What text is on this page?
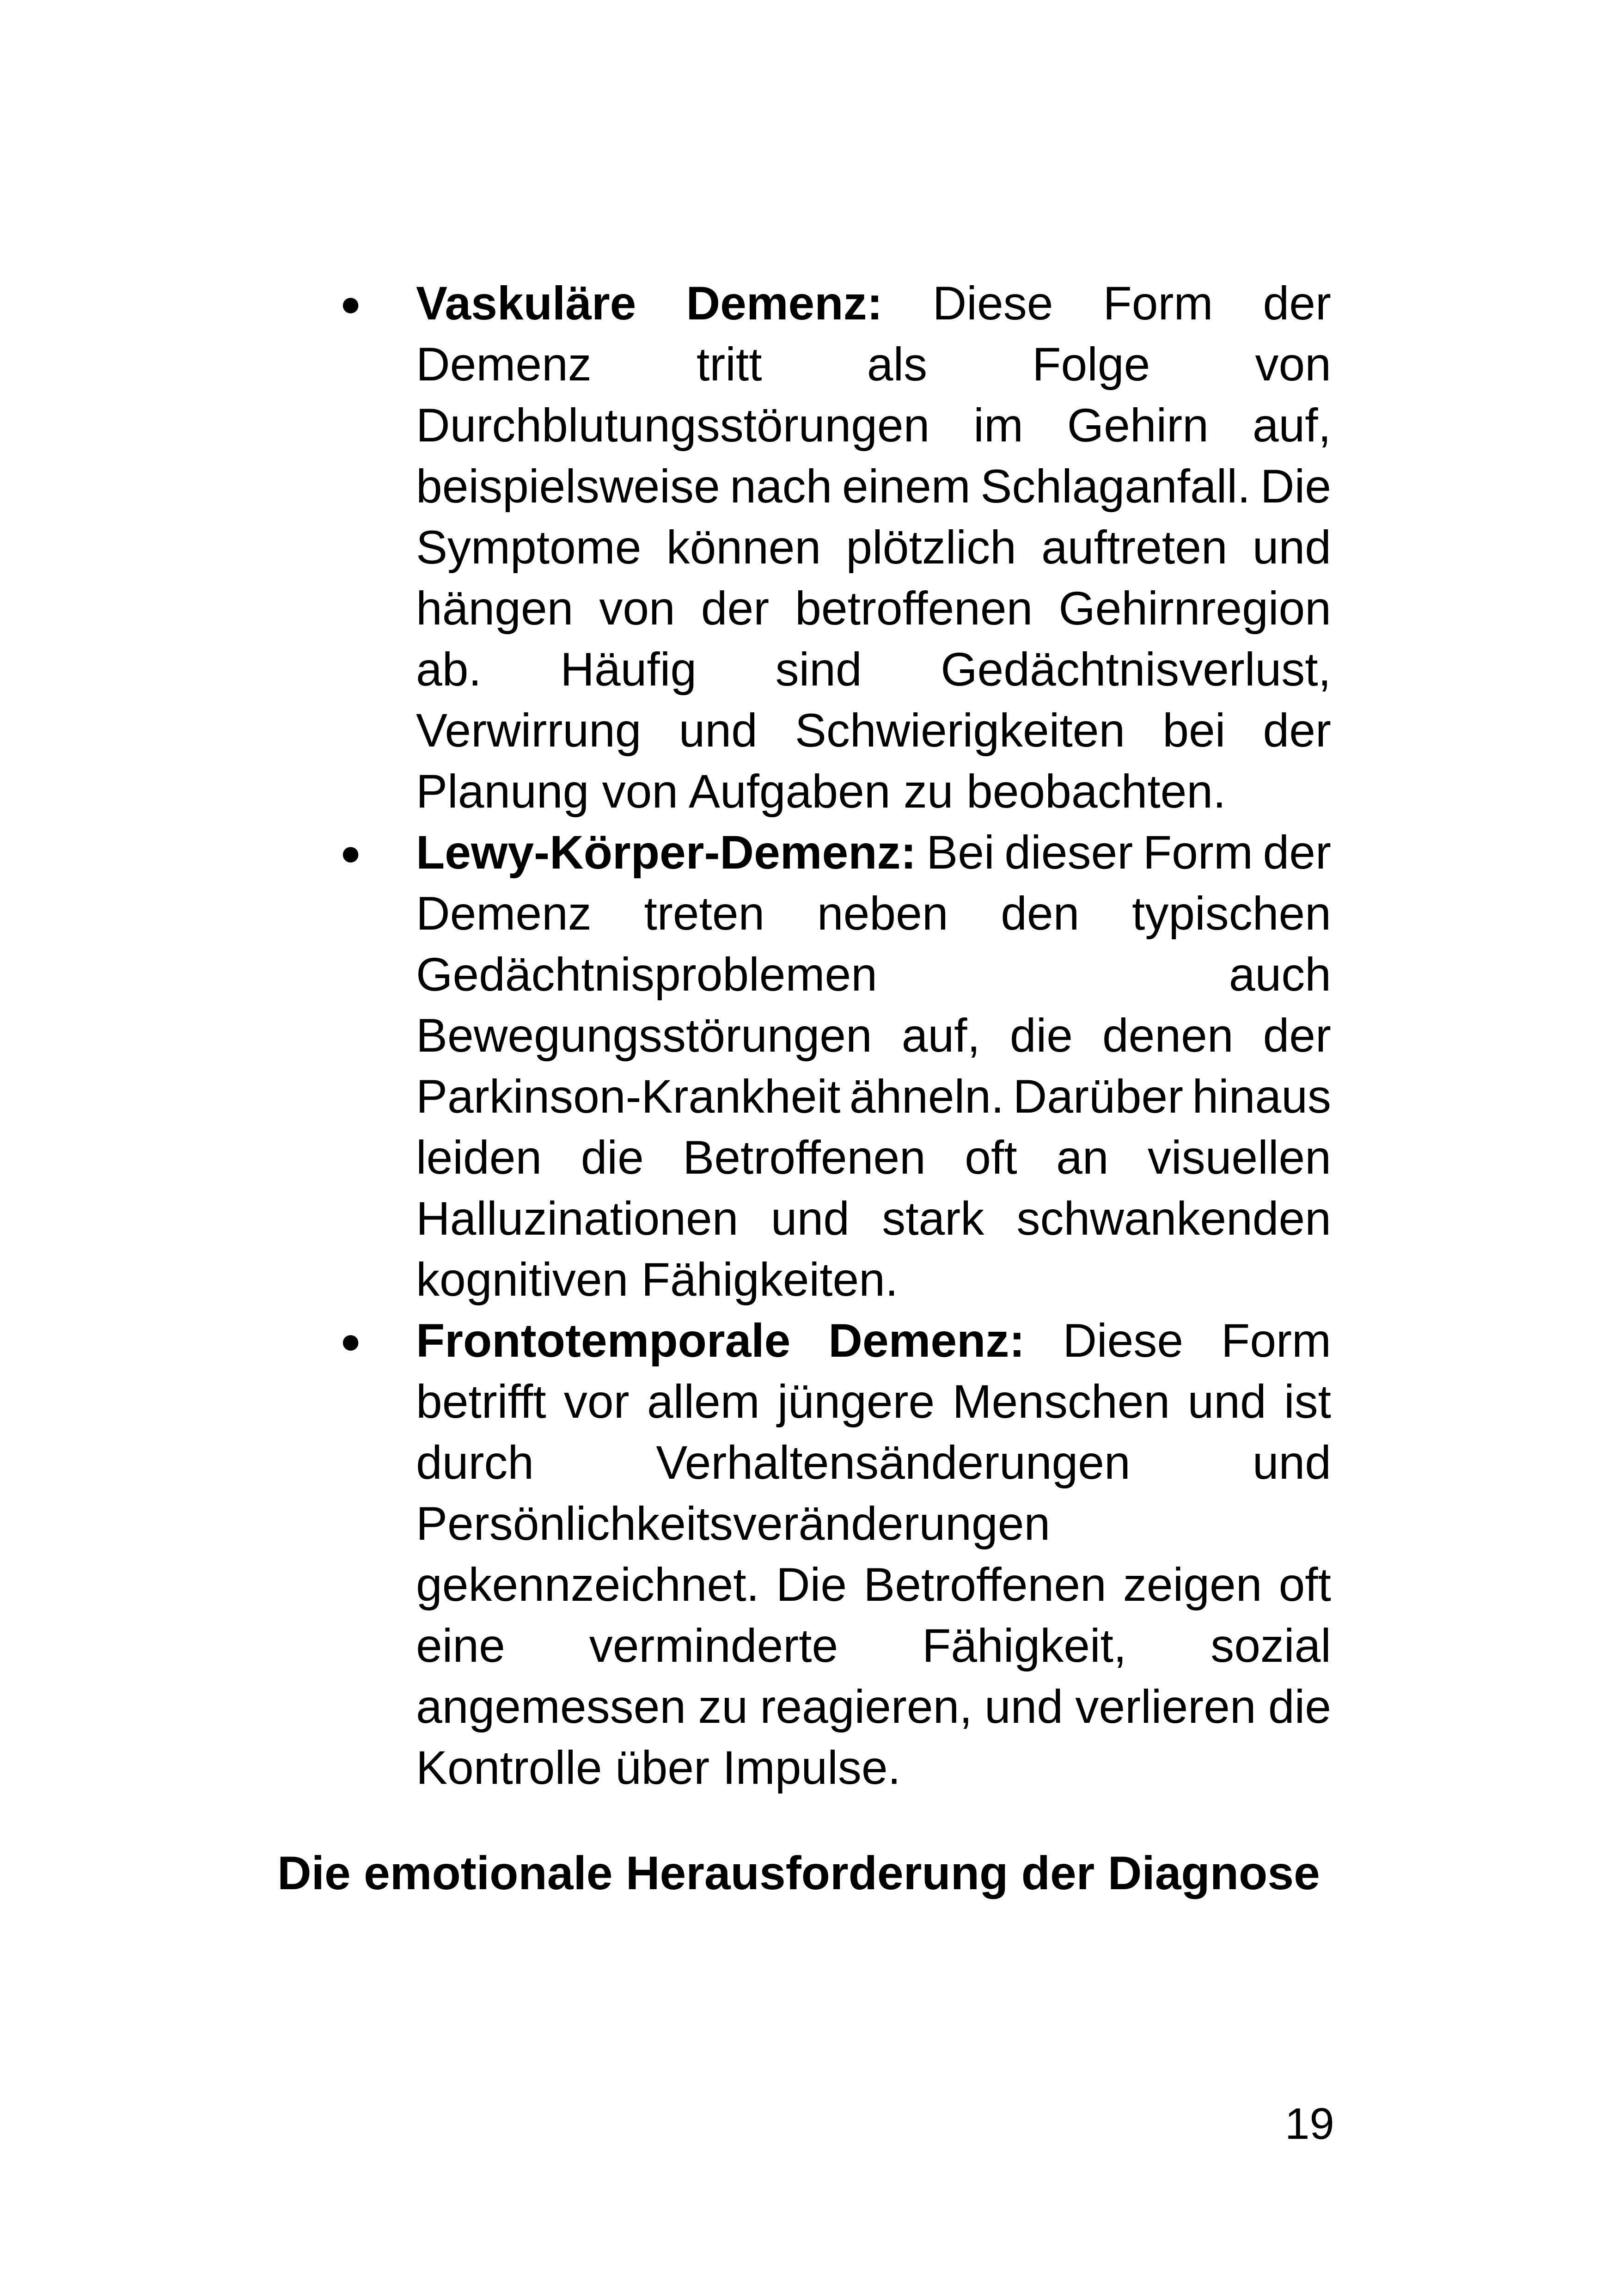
● Vaskuläre Demenz: Diese Form der
Demenz tritt als Folge von
Durchblutungsstörungen im Gehirn auf,
beispielsweise nach einem Schlaganfall. Die
Symptome können plötzlich auftreten und
hängen von der betroffenen Gehirnregion
ab. Häufig sind Gedächtnisverlust,
Verwirrung und Schwierigkeiten bei der
Planung von Aufgaben zu beobachten.
● Lewy-Körper-Demenz: Bei dieser Form der
Demenz treten neben den typischen
Gedächtnisproblemen	auch
Bewegungsstörungen auf, die denen der
Parkinson-Krankheit ähneln. Darüber hinaus
leiden die Betroffenen oft an visuellen
Halluzinationen und stark schwankenden
kognitiven Fähigkeiten.
● Frontotemporale Demenz: Diese Form
betrifft vor allem jüngere Menschen und ist
durch	Verhaltensänderungen	und
Persönlichkeitsveränderungen
gekennzeichnet. Die Betroffenen zeigen oft
eine verminderte Fähigkeit, sozial
angemessen zu reagieren, und verlieren die
Kontrolle über Impulse.
Die emotionale Herausforderung der Diagnose
19
